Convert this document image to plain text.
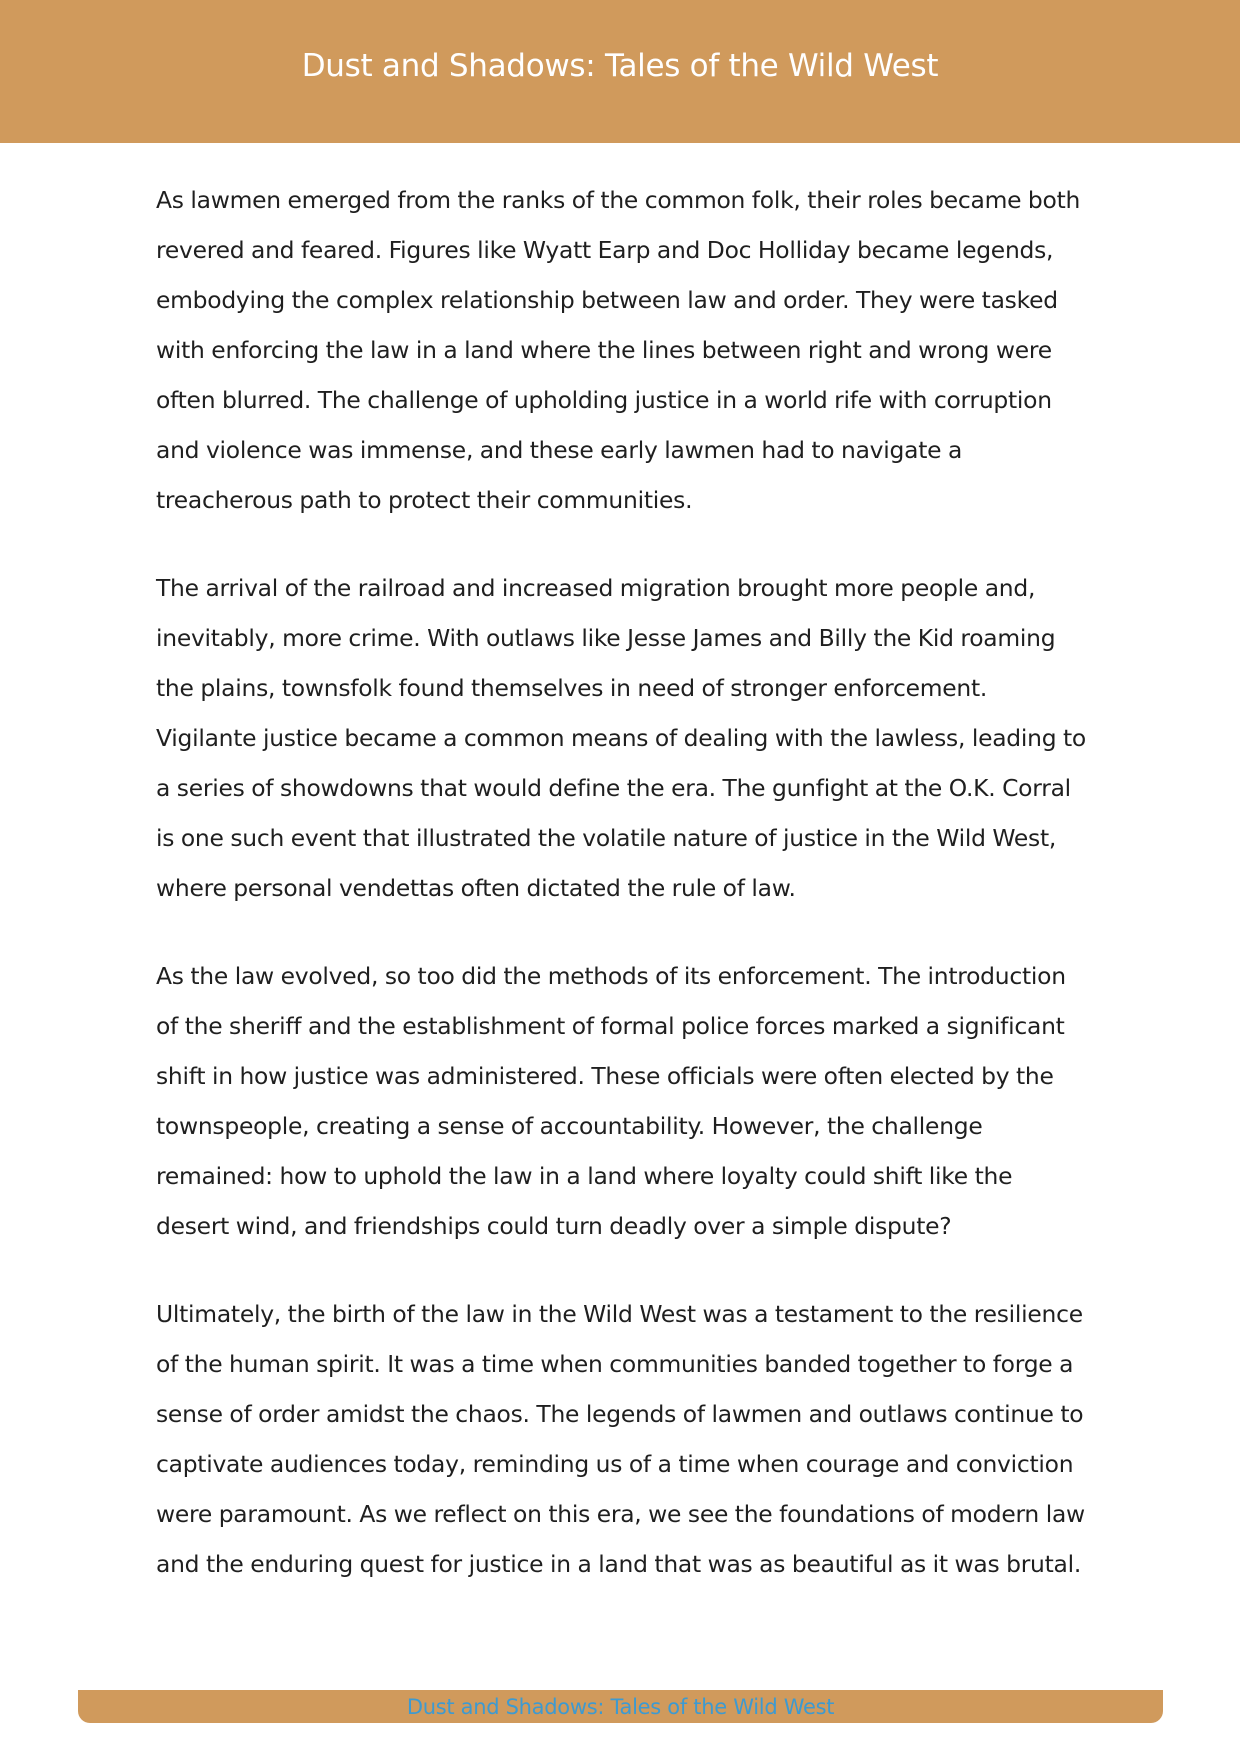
Dust and Shadows: Tales of the Wild West

As lawmen emerged from the ranks of the common folk, their roles became both revered and feared. Figures like Wyatt Earp and Doc Holliday became legends, embodying the complex relationship between law and order. They were tasked with enforcing the law in a land where the lines between right and wrong were often blurred. The challenge of upholding justice in a world rife with corruption and violence was immense, and these early lawmen had to navigate a treacherous path to protect their communities.

The arrival of the railroad and increased migration brought more people and, inevitably, more crime. With outlaws like Jesse James and Billy the Kid roaming the plains, townsfolk found themselves in need of stronger enforcement. Vigilante justice became a common means of dealing with the lawless, leading to a series of showdowns that would define the era. The gunfight at the O.K. Corral is one such event that illustrated the volatile nature of justice in the Wild West, where personal vendettas often dictated the rule of law.

As the law evolved, so too did the methods of its enforcement. The introduction of the sheriff and the establishment of formal police forces marked a significant shift in how justice was administered. These officials were often elected by the townspeople, creating a sense of accountability. However, the challenge remained: how to uphold the law in a land where loyalty could shift like the desert wind, and friendships could turn deadly over a simple dispute?

Ultimately, the birth of the law in the Wild West was a testament to the resilience of the human spirit. It was a time when communities banded together to forge a sense of order amidst the chaos. The legends of lawmen and outlaws continue to captivate audiences today, reminding us of a time when courage and conviction were paramount. As we reflect on this era, we see the foundations of modern law and the enduring quest for justice in a land that was as beautiful as it was brutal.

Dust and Shadows: Tales of the Wild West
